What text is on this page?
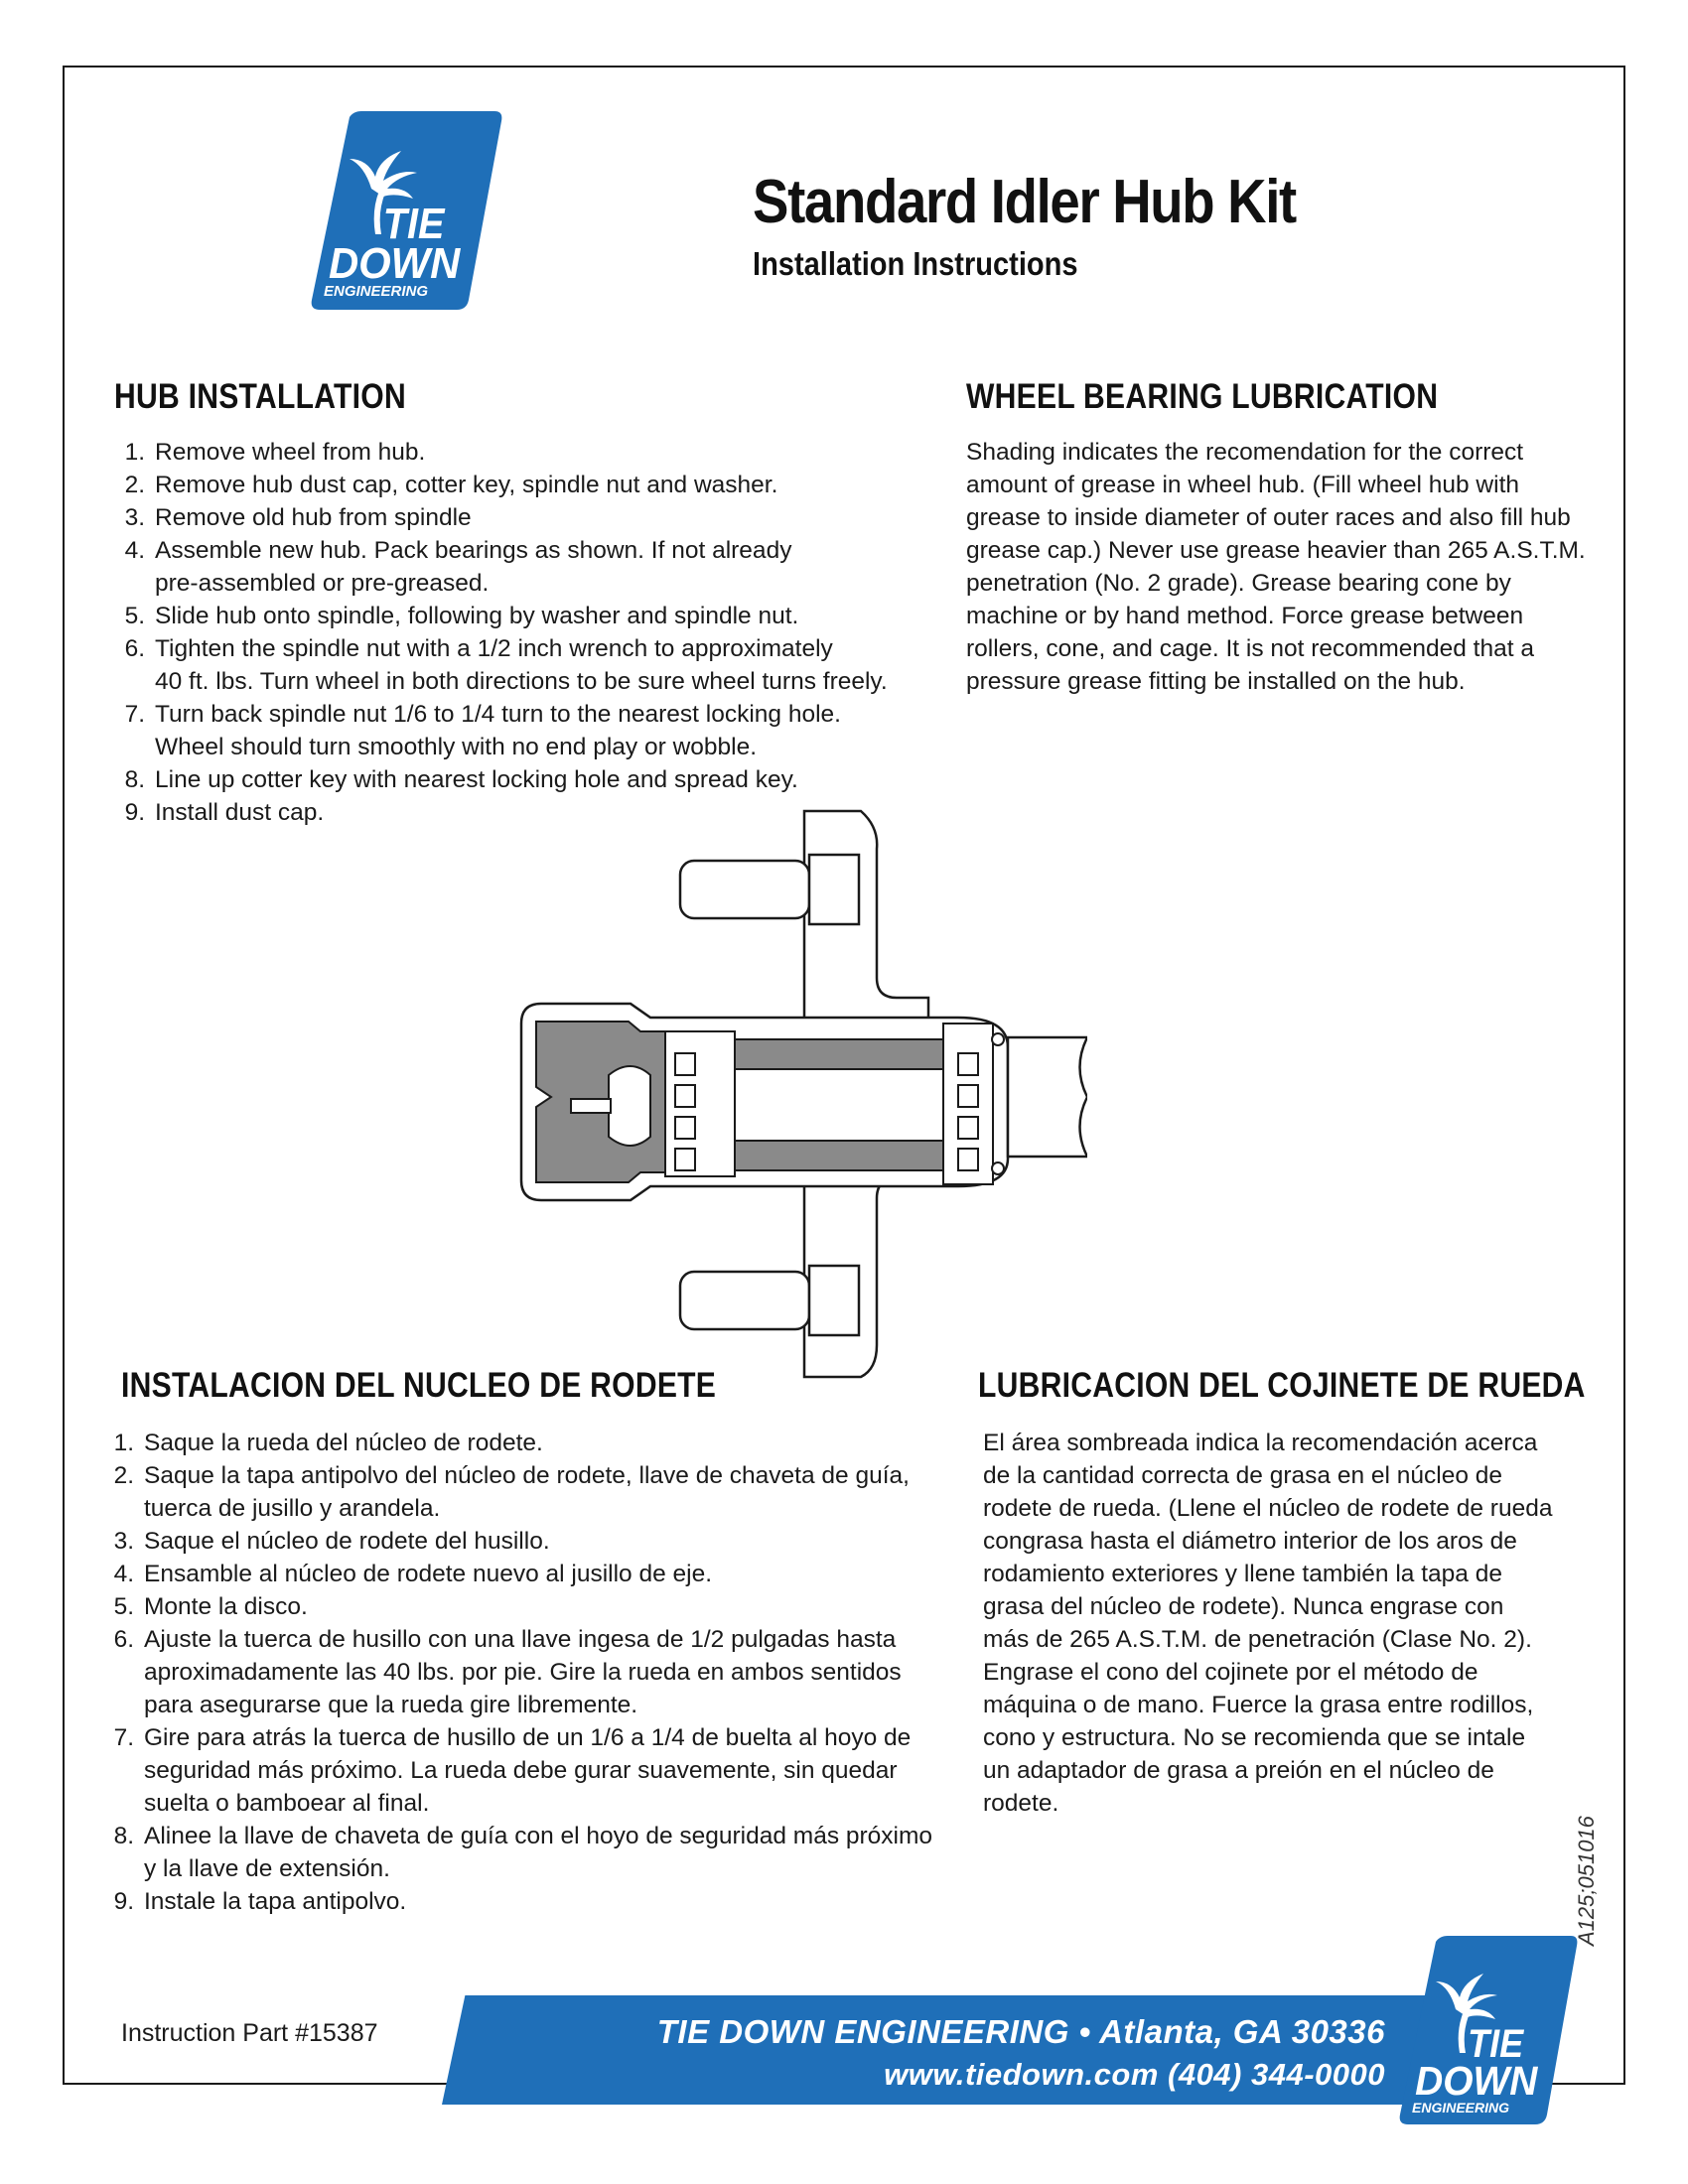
TIE
DOWN
ENGINEERING
Standard Idler Hub Kit
Installation Instructions
HUB INSTALLATION
1. Remove wheel from hub.
2. Remove hub dust cap, cotter key, spindle nut and washer.
3. Remove old hub from spindle
4. Assemble new hub. Pack bearings as shown. If not already
pre-assembled or pre-greased.
5. Slide hub onto spindle, following by washer and spindle nut.
6. Tighten the spindle nut with a 1/2 inch wrench to approximately
40 ft. lbs. Turn wheel in both directions to be sure wheel turns freely.
7. Turn back spindle nut 1/6 to 1/4 turn to the nearest locking hole.
Wheel should turn smoothly with no end play or wobble.
8. Line up cotter key with nearest locking hole and spread key.
9. Install dust cap.
WHEEL BEARING LUBRICATION
Shading indicates the recomendation for the correct
amount of grease in wheel hub. (Fill wheel hub with
grease to inside diameter of outer races and also fill hub
grease cap.) Never use grease heavier than 265 A.S.T.M.
penetration (No. 2 grade). Grease bearing cone by
machine or by hand method. Force grease between
rollers, cone, and cage. It is not recommended that a
pressure grease fitting be installed on the hub.
INSTALACION DEL NUCLEO DE RODETE
1. Saque la rueda del núcleo de rodete.
2. Saque la tapa antipolvo del núcleo de rodete, llave de chaveta de guía,
tuerca de jusillo y arandela.
3. Saque el núcleo de rodete del husillo.
4. Ensamble al núcleo de rodete nuevo al jusillo de eje.
5. Monte la disco.
6. Ajuste la tuerca de husillo con una llave ingesa de 1/2 pulgadas hasta
aproximadamente las 40 lbs. por pie. Gire la rueda en ambos sentidos
para asegurarse que la rueda gire libremente.
7. Gire para atrás la tuerca de husillo de un 1/6 a 1/4 de buelta al hoyo de
seguridad más próximo. La rueda debe gurar suavemente, sin quedar
suelta o bamboear al final.
8. Alinee la llave de chaveta de guía con el hoyo de seguridad más próximo
y la llave de extensión.
9. Instale la tapa antipolvo.
LUBRICACION DEL COJINETE DE RUEDA
El área sombreada indica la recomendación acerca
de la cantidad correcta de grasa en el núcleo de
rodete de rueda. (Llene el núcleo de rodete de rueda
congrasa hasta el diámetro interior de los aros de
rodamiento exteriores y llene también la tapa de
grasa del núcleo de rodete). Nunca engrase con
más de 265 A.S.T.M. de penetración (Clase No. 2).
Engrase el cono del cojinete por el método de
máquina o de mano. Fuerce la grasa entre rodillos,
cono y estructura. No se recomienda que se intale
un adaptador de grasa a preión en el núcleo de
rodete.
Instruction Part #15387	TIE DOWN ENGINEERING • Atlanta, GA 30336
www.tiedown.com (404) 344-0000
TIE
DOWN
ENGINEERING
A125;051016
